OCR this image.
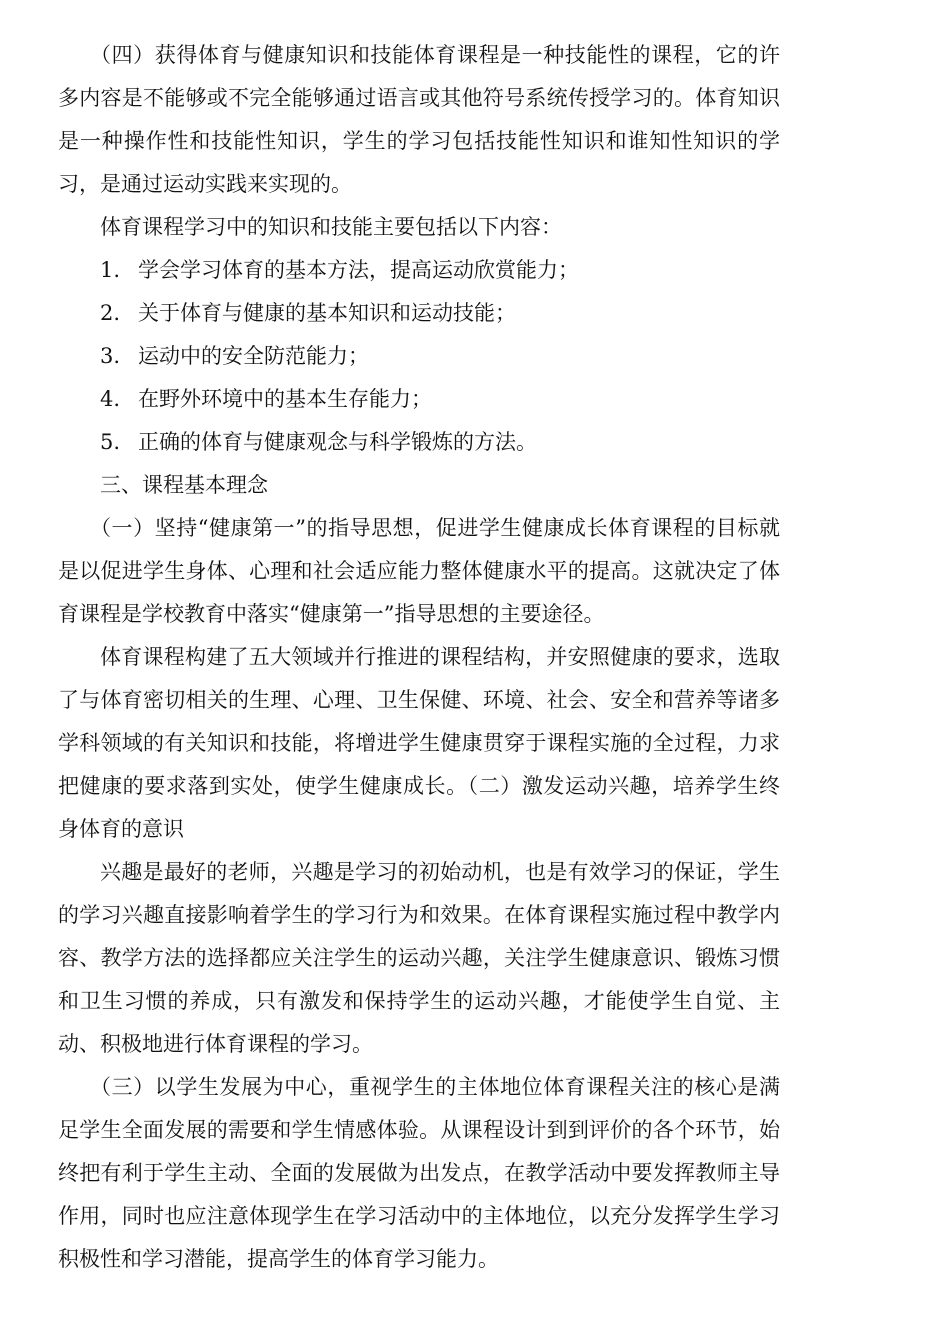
（四）获得体育与健康知识和技能体育课程是一种技能性的课程，它的许多内容是不能够或不完全能够通过语言或其他符号系统传授学习的。体育知识是一种操作性和技能性知识，学生的学习包括技能性知识和谁知性知识的学习，是通过运动实践来实现的。

体育课程学习中的知识和技能主要包括以下内容：

1. 学会学习体育的基本方法，提高运动欣赏能力；
2. 关于体育与健康的基本知识和运动技能；
3. 运动中的安全防范能力；
4. 在野外环境中的基本生存能力；
5. 正确的体育与健康观念与科学锻炼的方法。

三、课程基本理念

（一）坚持“健康第一”的指导思想，促进学生健康成长体育课程的目标就是以促进学生身体、心理和社会适应能力整体健康水平的提高。这就决定了体育课程是学校教育中落实“健康第一”指导思想的主要途径。

体育课程构建了五大领域并行推进的课程结构，并安照健康的要求，选取了与体育密切相关的生理、心理、卫生保健、环境、社会、安全和营养等诸多学科领域的有关知识和技能，将增进学生健康贯穿于课程实施的全过程，力求把健康的要求落到实处，使学生健康成长。（二）激发运动兴趣，培养学生终身体育的意识

兴趣是最好的老师，兴趣是学习的初始动机，也是有效学习的保证，学生的学习兴趣直接影响着学生的学习行为和效果。在体育课程实施过程中教学内容、教学方法的选择都应关注学生的运动兴趣，关注学生健康意识、锻炼习惯和卫生习惯的养成，只有激发和保持学生的运动兴趣，才能使学生自觉、主动、积极地进行体育课程的学习。

（三）以学生发展为中心，重视学生的主体地位体育课程关注的核心是满足学生全面发展的需要和学生情感体验。从课程设计到到评价的各个环节，始终把有利于学生主动、全面的发展做为出发点，在教学活动中要发挥教师主导作用，同时也应注意体现学生在学习活动中的主体地位，以充分发挥学生学习积极性和学习潜能，提高学生的体育学习能力。
